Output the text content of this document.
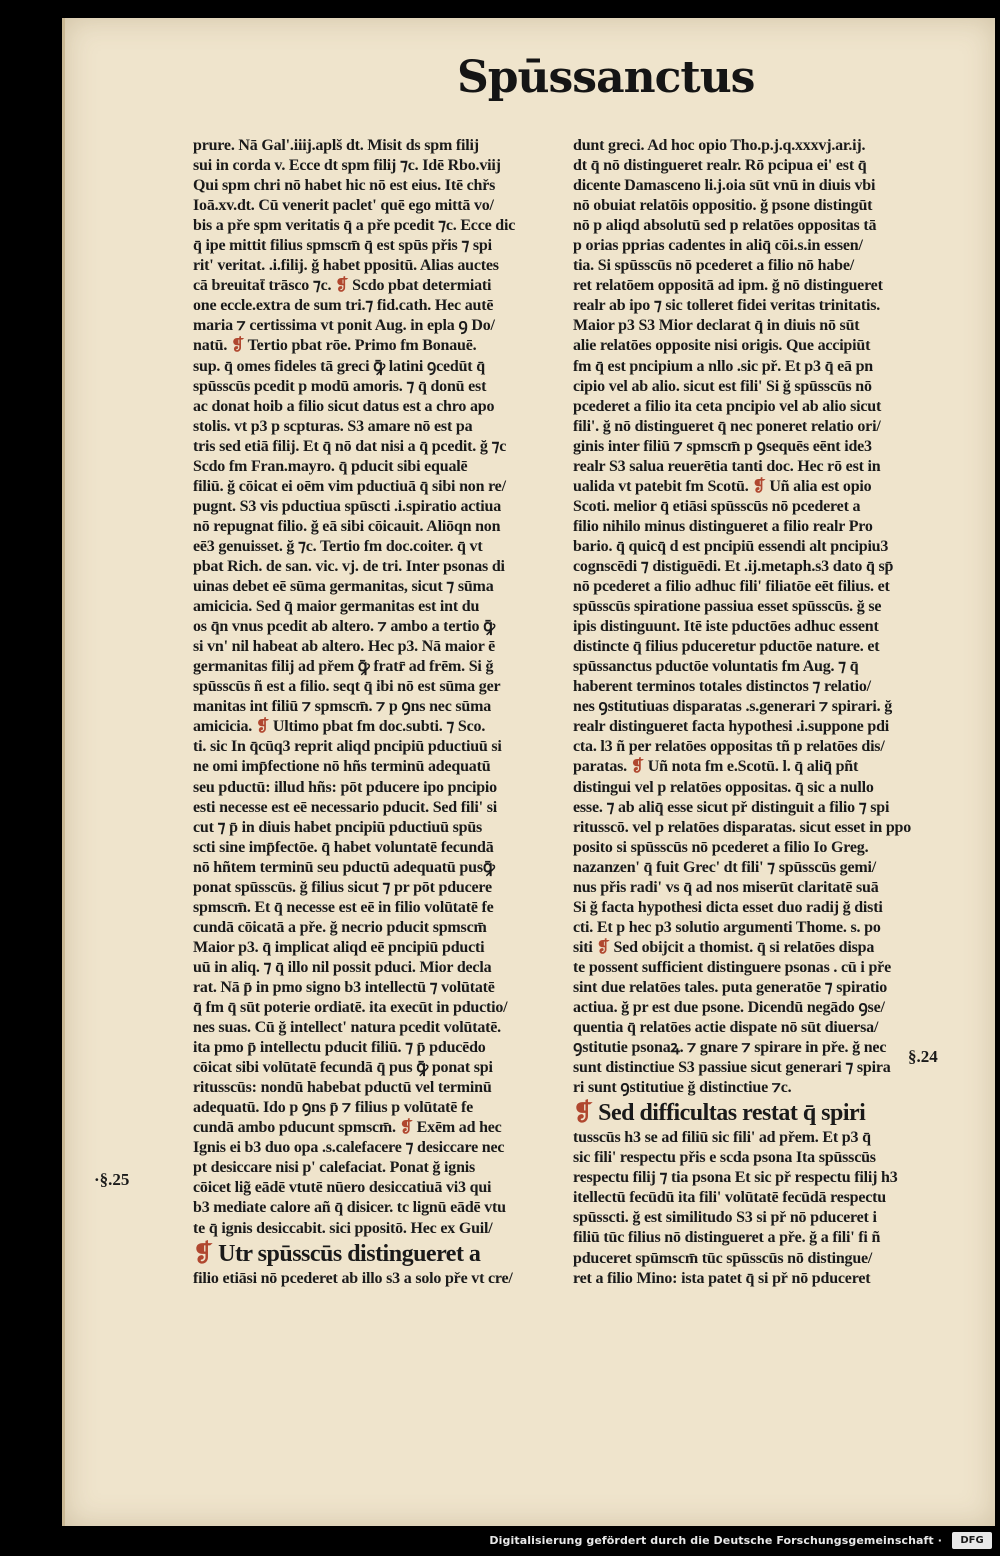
Spūssanctus
prure. Nā Gal'.iiij.aplš dt. Misit ds spm filij
sui in corda v. Ecce dt spm filij ⁊c. Idē Rbo.viij
Qui spm chri nō habet hic nō est eius. Itē chřs
Ioā.xv.dt. Cū venerit paclet' quē ego mittā vo/
bis a pře spm veritatis q̄ a pře pcedit ⁊c. Ecce dic
q̄ ipe mittit filius spmscm̄ q̄ est spūs přis ⁊ spi
rit' veritat. .i.filij. ğ habet ppositū. Alias auctes
cā breuitat̄ trāsco ⁊c. ❡ Scdo pbat determiati
one eccle.extra de sum tri.⁊ fid.cath. Hec autē
maria ⁊ certissima vt ponit Aug. in epla ꝯ Do/
natū. ❡ Tertio pbat rōe. Primo fm Bonauē.
sup. q̄ omes fideles tā greci ꝙ̄ latini ꝯcedūt q̄
spūsscūs pcedit p modū amoris. ⁊ q̄ donū est
ac donat hoib a filio sicut datus est a chro apo
stolis. vt p3 p scpturas. S3 amare nō est pa
tris sed etiā filij. Et q̄ nō dat nisi a q̄ pcedit. ğ ⁊c
Scdo fm Fran.mayro. q̄ pducit sibi equalē
filiū. ğ cōicat ei oēm vim pductiuā q̄ sibi non re/
pugnt. S3 vis pductiua spūscti .i.spiratio actiua
nō repugnat filio. ğ eā sibi cōicauit. Aliōqn non
eē3 genuisset. ğ ⁊c. Tertio fm doc.coiter. q̄ vt
pbat Rich. de san. vic. vj. de tri. Inter psonas di
uinas debet eē sūma germanitas, sicut ⁊ sūma
amicicia. Sed q̄ maior germanitas est int du
os q̄n vnus pcedit ab altero. ⁊ ambo a tertio ꝙ̄
si vn' nil habeat ab altero. Hec p3. Nā maior ē
germanitas filij ad přem ꝙ̄ fratr̄ ad frēm. Si ğ
spūsscūs ñ est a filio. seqt q̄ ibi nō est sūma ger
manitas int filiū ⁊ spmscm̄. ⁊ p ꝯns nec sūma
amicicia. ❡ Ultimo pbat fm doc.subti. ⁊ Sco.
ti. sic In q̄cūq3 reprit aliqd pncipiū pductiuū si
ne omi imp̄fectione nō hñs terminū adequatū
seu pductū: illud hñs: pōt pducere ipo pncipio
esti necesse est eē necessario pducit. Sed fili' si
cut ⁊ p̄ in diuis habet pncipiū pductiuū spūs
scti sine imp̄fectōe. q̄ habet voluntatē fecundā
nō hñtem terminū seu pductū adequatū pusꝙ̄
ponat spūsscūs. ğ filius sicut ⁊ pr pōt pducere
spmscm̄. Et q̄ necesse est eē in filio volūtatē fe
cundā cōicatā a pře. ğ necrio pducit spmscm̄
Maior p3. q̄ implicat aliqd eē pncipiū pducti
uū in aliq. ⁊ q̄ illo nil possit pduci. Mior decla
rat. Nā p̄ in pmo signo b3 intellectū ⁊ volūtatē
q̄ fm q̄ sūt poterie ordiatē. ita execūt in pductio/
nes suas. Cū ğ intellect' natura pcedit volūtatē.
ita pmo p̄ intellectu pducit filiū. ⁊ p̄ pducēdo
cōicat sibi volūtatē fecundā q̄ pus ꝙ̄ ponat spi
ritusscūs: nondū habebat pductū vel terminū
adequatū. Ido p ꝯns p̄ ⁊ filius p volūtatē fe
cundā ambo pducunt spmscm̄. ❡ Exēm ad hec
Ignis ei b3 duo opa .s.calefacere ⁊ desiccare nec
pt desiccare nisi p' calefaciat. Ponat ğ ignis
cōicet lig̃ eādē vtutē nūero desiccatiuā vi3 qui
b3 mediate calore añ q̄ disicer. tc lignū eādē vtu
te q̄ ignis desiccabit. sici ppositō. Hec ex Guil/
❡ Utr spūsscūs distingueret a
filio etiāsi nō pcederet ab illo s3 a solo pře vt cre/
dunt greci. Ad hoc opio Tho.p.j.q.xxxvj.ar.ij.
dt q̄ nō distingueret realr. Rō pcipua ei' est q̄
dicente Damasceno li.j.oia sūt vnū in diuis vbi
nō obuiat relatōis oppositio. ğ psone distingūt
nō p aliqd absolutū sed p relatōes oppositas tā
p orias pprias cadentes in aliq̄ cōi.s.in essen/
tia. Si spūsscūs nō pcederet a filio nō habe/
ret relatōem oppositā ad ipm. ğ nō distingueret
realr ab ipo ⁊ sic tolleret fidei veritas trinitatis.
Maior p3 S3 Mior declarat q̄ in diuis nō sūt
alie relatōes opposite nisi origis. Que accipiūt
fm q̄ est pncipium a nllo .sic př. Et p3 q̄ eā pn
cipio vel ab alio. sicut est fili' Si ğ spūsscūs nō
pcederet a filio ita ceta pncipio vel ab alio sicut
fili'. ğ nō distingueret q̄ nec poneret relatio ori/
ginis inter filiū ⁊ spmscm̄ p ꝯsequēs eēnt ide3
realr S3 salua reuerētia tanti doc. Hec rō est in
ualida vt patebit fm Scotū. ❡ Uñ alia est opio
Scoti. melior q̄ etiāsi spūsscūs nō pcederet a
filio nihilo minus distingueret a filio realr Pro
bario. q̄ quicq̄ d est pncipiū essendi alt pncipiu3
cognscēdi ⁊ distiguēdi. Et .ij.metaph.s3 dato q̄ sp̄
nō pcederet a filio adhuc fili' filiatōe eēt filius. et
spūsscūs spiratione passiua esset spūsscūs. ğ se
ipis distinguunt. Itē iste pductōes adhuc essent
distincte q̄ filius pduceretur pductōe nature. et
spūssanctus pductōe voluntatis fm Aug. ⁊ q̄
haberent terminos totales distinctos ⁊ relatio/
nes ꝯstitutiuas disparatas .s.generari ⁊ spirari. ğ
realr distingueret facta hypothesi .i.suppone pdi
cta. l3 ñ per relatōes oppositas tñ p relatōes dis/
paratas. ❡ Uñ nota fm e.Scotū. l. q̄ aliq̄ pñt
distingui vel p relatōes oppositas. q̄ sic a nullo
esse. ⁊ ab aliq̄ esse sicut př distinguit a filio ⁊ spi
ritusscō. vel p relatōes disparatas. sicut esset in ppo
posito si spūsscūs nō pcederet a filio Io Greg.
nazanzen' q̄ fuit Grec' dt fili' ⁊ spūsscūs gemi/
nus přis radi' vs q̄ ad nos miserūt claritatē suā
Si ğ facta hypothesi dicta esset duo radij ğ disti
cti. Et p hec p3 solutio argumenti Thome. s. po
siti ❡ Sed obijcit a thomist. q̄ si relatōes dispa
te possent sufficient distinguere psonas . cū i pře
sint due relatōes tales. puta generatōe ⁊ spiratio
actiua. ğ pr est due psone. Dicendū negādo ꝯse/
quentia q̄ relatōes actie dispate nō sūt diuersa/
ꝯstitutie psonaꝝ. ⁊ gnare ⁊ spirare in pře. ğ nec
sunt distinctiue S3 passiue sicut generari ⁊ spira
ri sunt ꝯstitutiue ğ distinctiue ⁊c.
❡ Sed difficultas restat q̄ spiri
tusscūs h3 se ad filiū sic fili' ad přem. Et p3 q̄
sic fili' respectu přis e scda psona Ita spūsscūs
respectu filij ⁊ tia psona Et sic př respectu filij h3
itellectū fecūdū ita fili' volūtatē fecūdā respectu
spūsscti. ğ est similitudo S3 si př nō pduceret i
filiū tūc filius nō distingueret a pře. ğ a fili' fi ñ
pduceret spūmscm̄ tūc spūsscūs nō distingue/
ret a filio Mino: ista patet q̄ si př nō pduceret
·§.25
§.24
Digitalisierung gefördert durch die Deutsche Forschungsgemeinschaft ·	DFG
